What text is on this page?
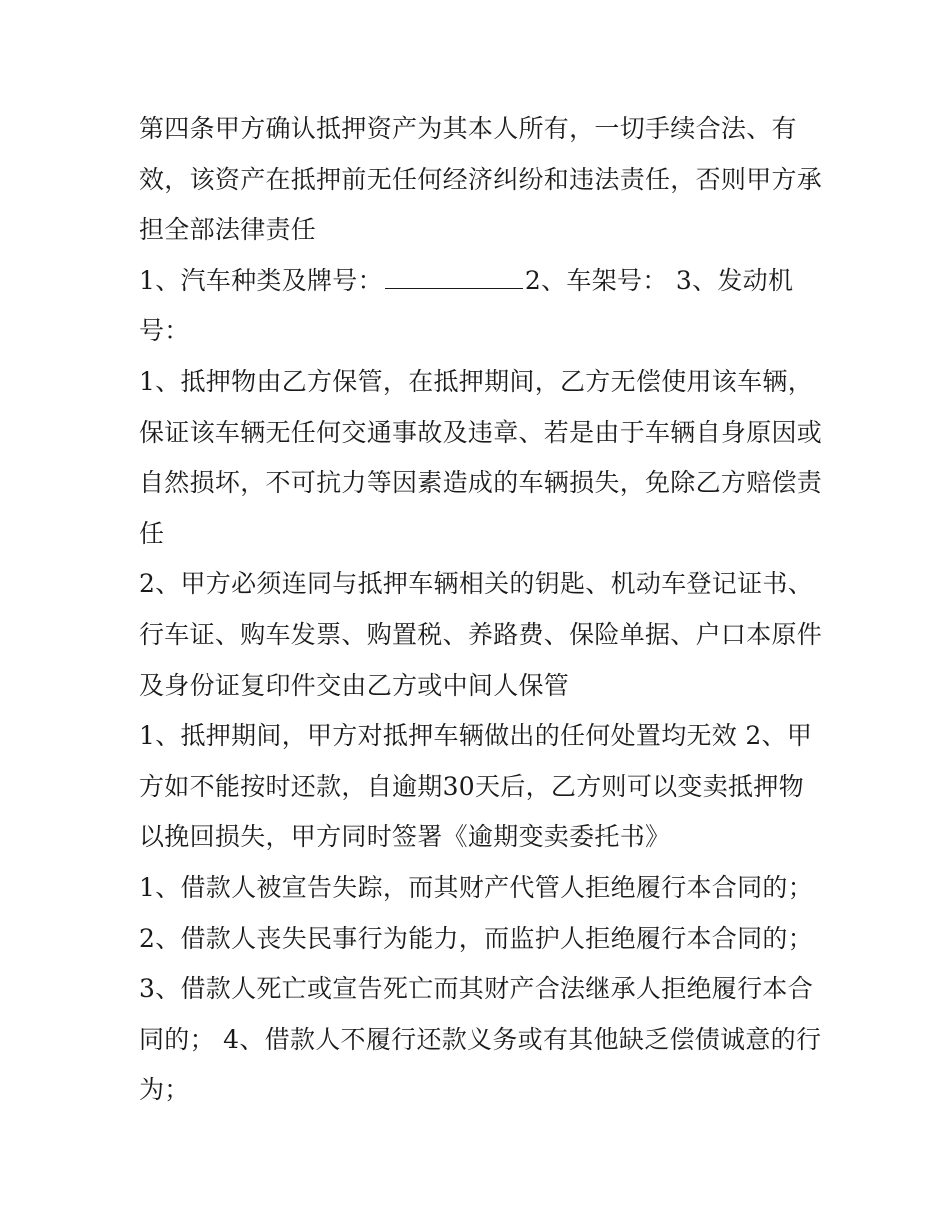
第四条甲方确认抵押资产为其本人所有，一切手续合法、有效，该资产在抵押前无任何经济纠纷和违法责任，否则甲方承担全部法律责任

1、汽车种类及牌号：	2、车架号： 3、发动机号：

1、抵押物由乙方保管，在抵押期间，乙方无偿使用该车辆，保证该车辆无任何交通事故及违章、若是由于车辆自身原因或自然损坏，不可抗力等因素造成的车辆损失，免除乙方赔偿责任

2、甲方必须连同与抵押车辆相关的钥匙、机动车登记证书、行车证、购车发票、购置税、养路费、保险单据、户口本原件及身份证复印件交由乙方或中间人保管

1、抵押期间，甲方对抵押车辆做出的任何处置均无效 2、甲方如不能按时还款，自逾期30天后，乙方则可以变卖抵押物以挽回损失，甲方同时签署《逾期变卖委托书》

1、借款人被宣告失踪，而其财产代管人拒绝履行本合同的；

2、借款人丧失民事行为能力，而监护人拒绝履行本合同的；

3、借款人死亡或宣告死亡而其财产合法继承人拒绝履行本合同的； 4、借款人不履行还款义务或有其他缺乏偿债诚意的行为；
